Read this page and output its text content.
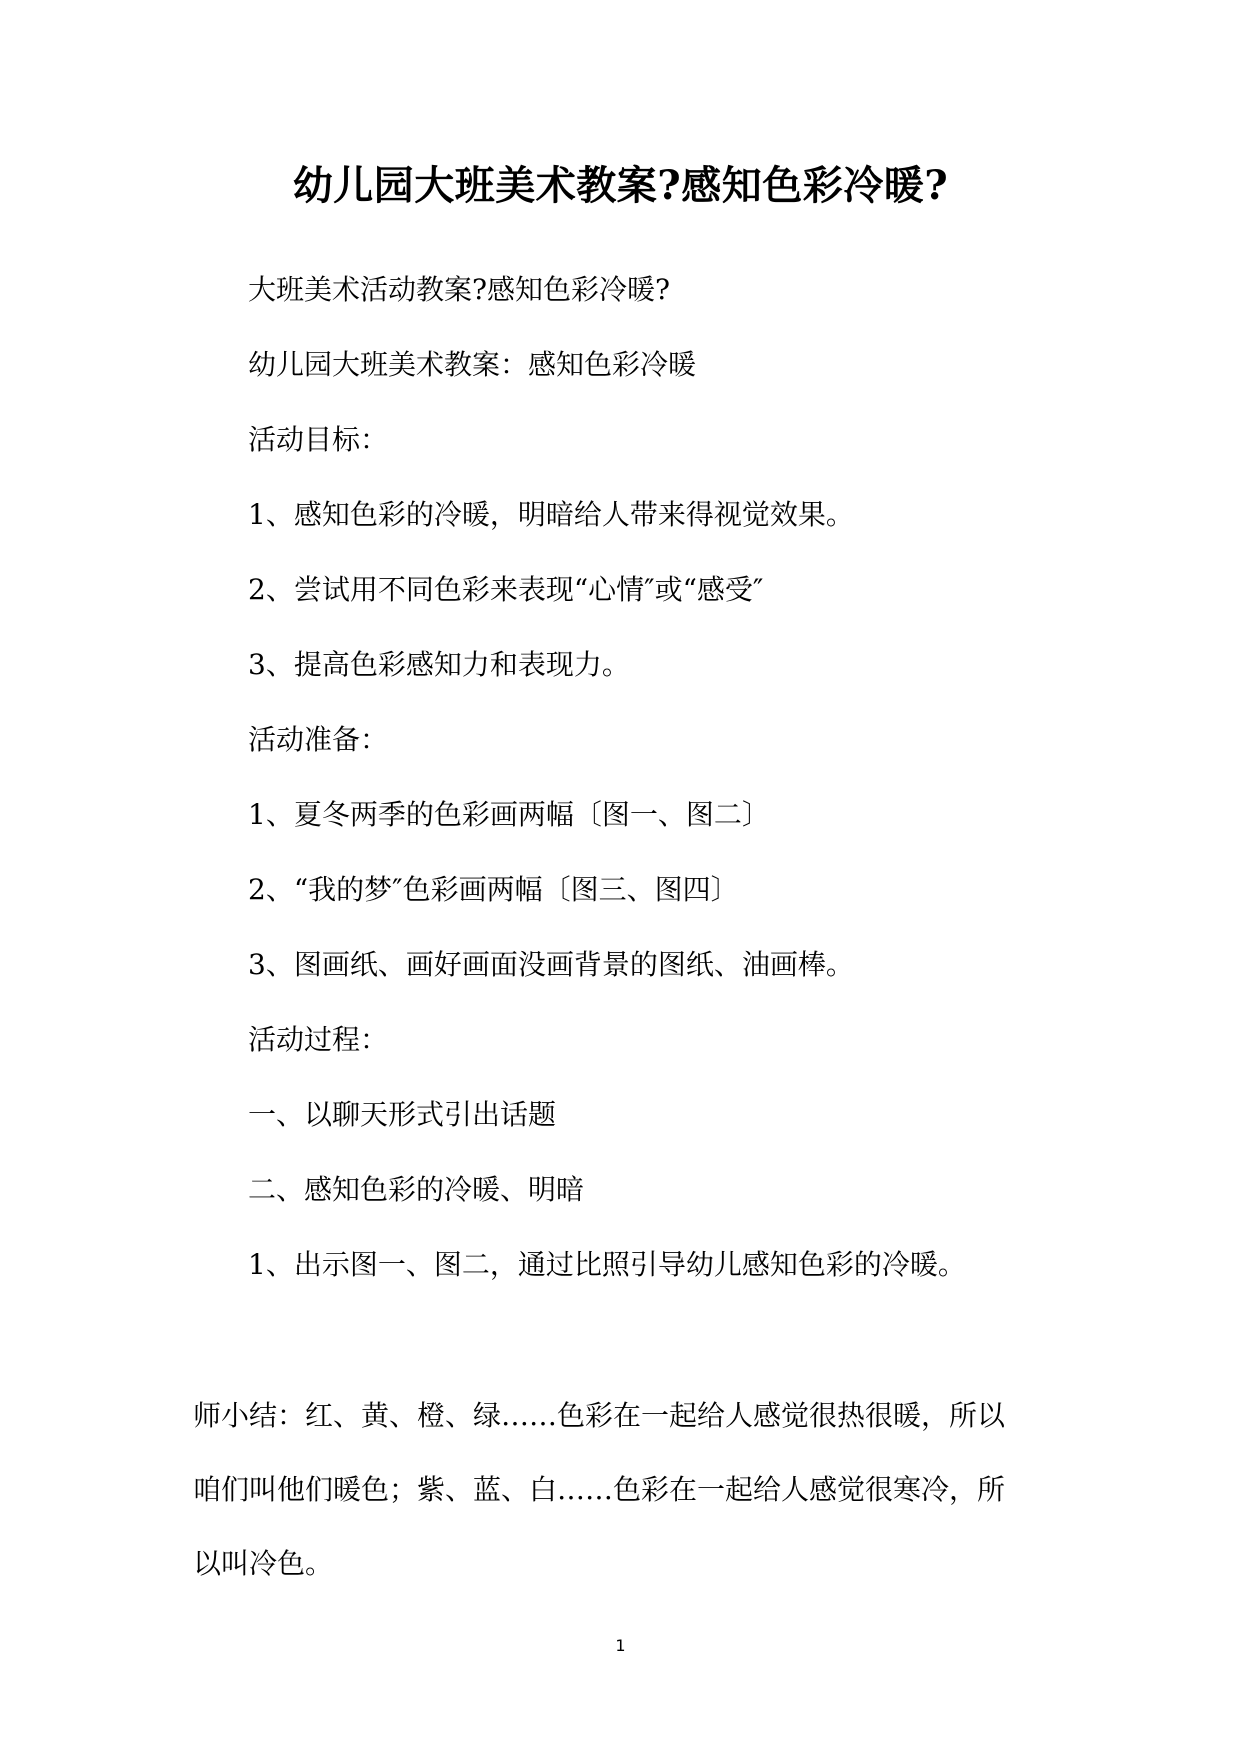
幼儿园大班美术教案?感知色彩冷暖?
大班美术活动教案?感知色彩冷暖?
幼儿园大班美术教案：感知色彩冷暖
活动目标：
1、感知色彩的冷暖，明暗给人带来得视觉效果。
2、尝试用不同色彩来表现“心情″或“感受″
3、提高色彩感知力和表现力。
活动准备：
1、夏冬两季的色彩画两幅〔图一、图二〕
2、“我的梦″色彩画两幅〔图三、图四〕
3、图画纸、画好画面没画背景的图纸、油画棒。
活动过程：
一、以聊天形式引出话题
二、感知色彩的冷暖、明暗
1、出示图一、图二，通过比照引导幼儿感知色彩的冷暖。
师小结：红、黄、橙、绿……色彩在一起给人感觉很热很暖，所以
咱们叫他们暖色；紫、蓝、白……色彩在一起给人感觉很寒冷，所
以叫冷色。
1
